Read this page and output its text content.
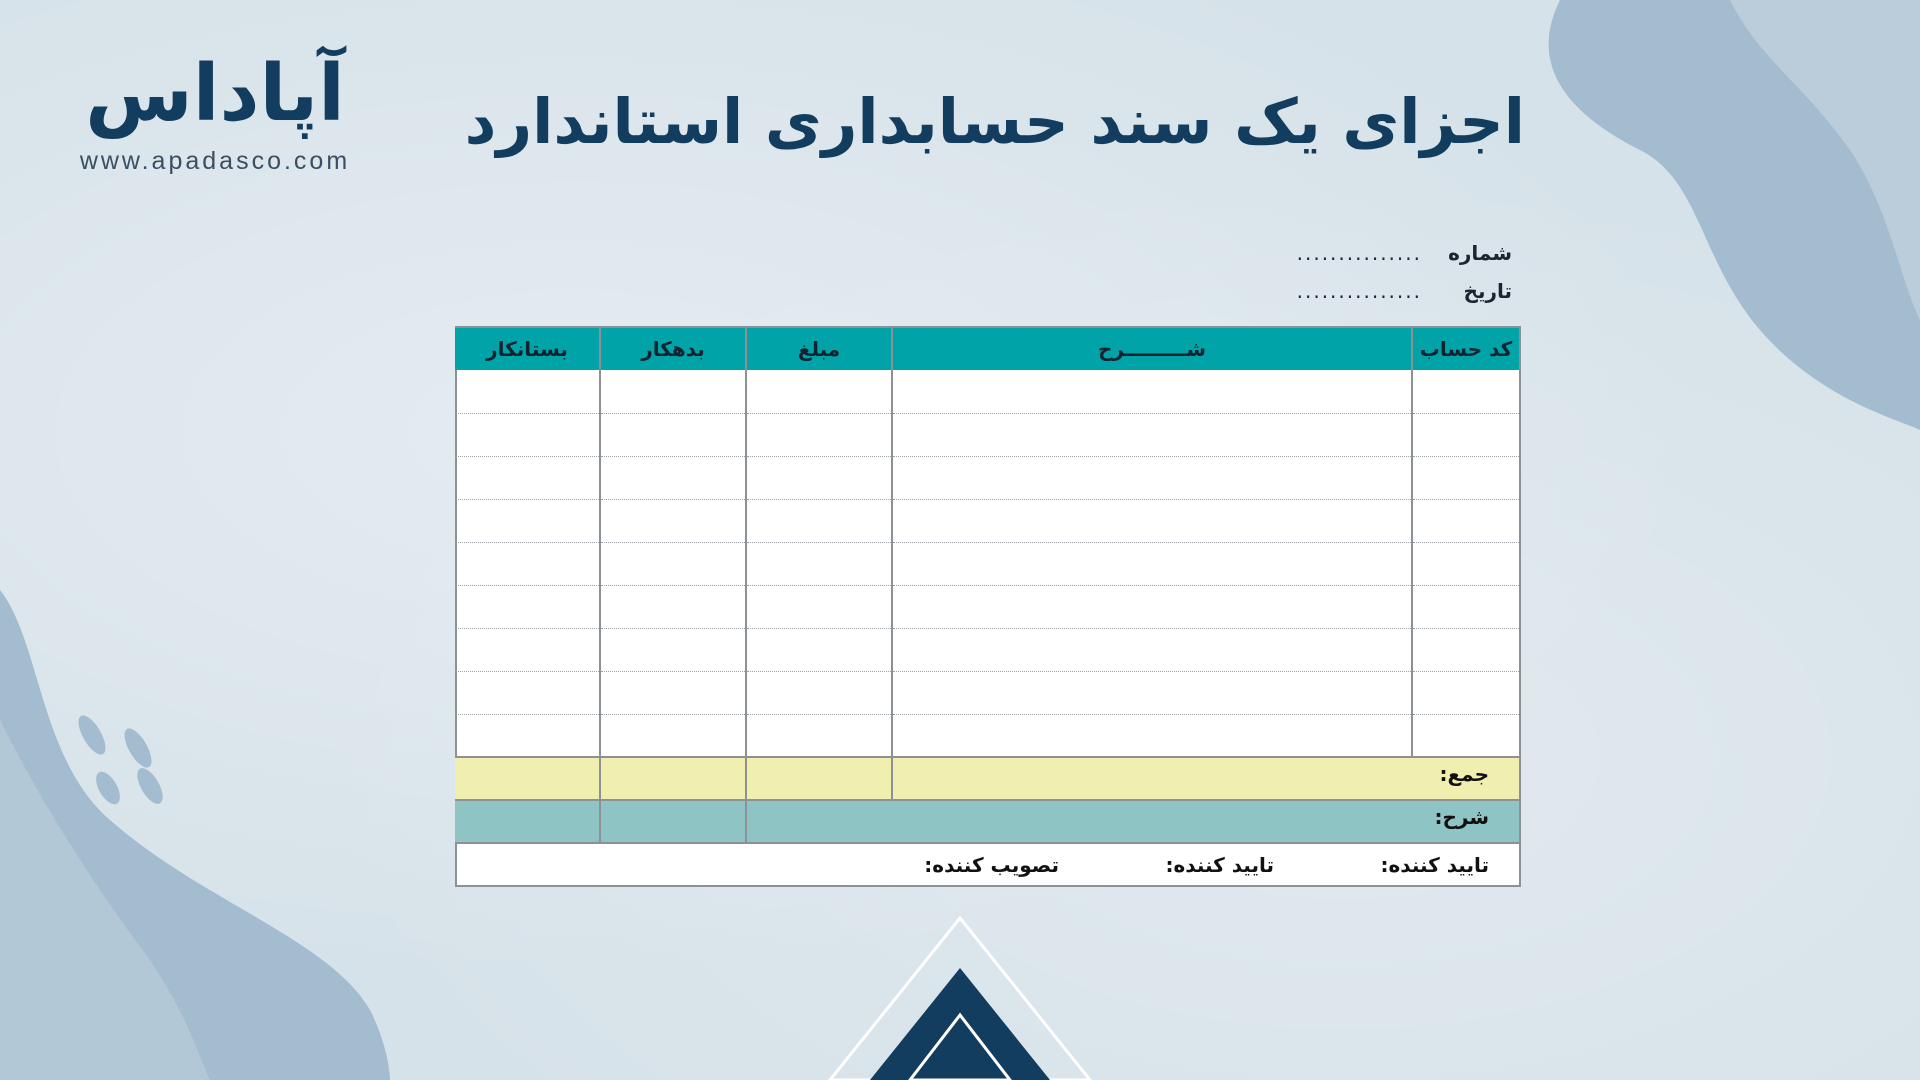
آپاداس
www.apadasco.com
اجزای یک سند حسابداری استاندارد
شماره
...............
تاریخ
...............
کد حساب	شـــــــــرح	مبلغ	بدهکار	بستانکار

جمع:				
شرح:				

تایید کننده:
تایید کننده:
تصویب کننده:				
